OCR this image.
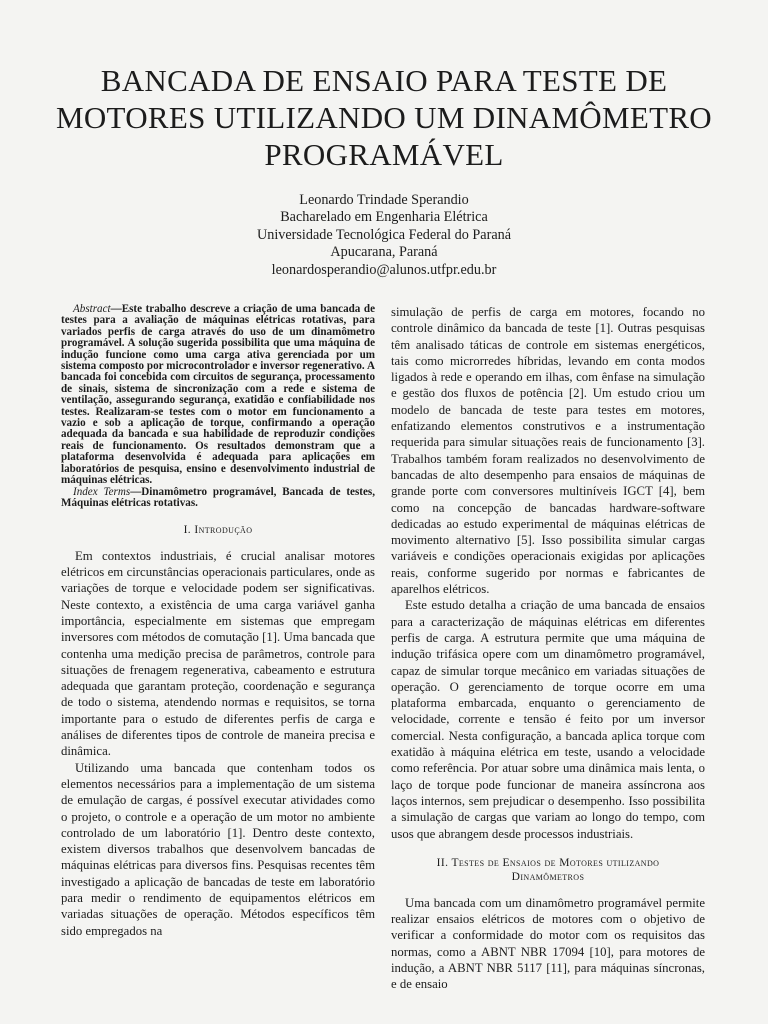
BANCADA DE ENSAIO PARA TESTE DE
MOTORES UTILIZANDO UM DINAMÔMETRO
PROGRAMÁVEL
Leonardo Trindade Sperandio
Bacharelado em Engenharia Elétrica
Universidade Tecnológica Federal do Paraná
Apucarana, Paraná
leonardosperandio@alunos.utfpr.edu.br

Abstract—Este trabalho descreve a criação de uma bancada de testes para a avaliação de máquinas elétricas rotativas, para variados perfis de carga através do uso de um dinamômetro programável. A solução sugerida possibilita que uma máquina de indução funcione como uma carga ativa gerenciada por um sistema composto por microcontrolador e inversor regenerativo. A bancada foi concebida com circuitos de segurança, processamento de sinais, sistema de sincronização com a rede e sistema de ventilação, assegurando segurança, exatidão e confiabilidade nos testes. Realizaram-se testes com o motor em funcionamento a vazio e sob a aplicação de torque, confirmando a operação adequada da bancada e sua habilidade de reproduzir condições reais de funcionamento. Os resultados demonstram que a plataforma desenvolvida é adequada para aplicações em laboratórios de pesquisa, ensino e desenvolvimento industrial de máquinas elétricas.

Index Terms—Dinamômetro programável, Bancada de testes, Máquinas elétricas rotativas.

I. Introdução

Em contextos industriais, é crucial analisar motores elétricos em circunstâncias operacionais particulares, onde as variações de torque e velocidade podem ser significativas. Neste contexto, a existência de uma carga variável ganha importância, especialmente em sistemas que empregam inversores com métodos de comutação [1]. Uma bancada que contenha uma medição precisa de parâmetros, controle para situações de frenagem regenerativa, cabeamento e estrutura adequada que garantam proteção, coordenação e segurança de todo o sistema, atendendo normas e requisitos, se torna importante para o estudo de diferentes perfis de carga e análises de diferentes tipos de controle de maneira precisa e dinâmica.

Utilizando uma bancada que contenham todos os elementos necessários para a implementação de um sistema de emulação de cargas, é possível executar atividades como o projeto, o controle e a operação de um motor no ambiente controlado de um laboratório [1]. Dentro deste contexto, existem diversos trabalhos que desenvolvem bancadas de máquinas elétricas para diversos fins. Pesquisas recentes têm investigado a aplicação de bancadas de teste em laboratório para medir o rendimento de equipamentos elétricos em variadas situações de operação. Métodos específicos têm sido empregados na

simulação de perfis de carga em motores, focando no controle dinâmico da bancada de teste [1]. Outras pesquisas têm analisado táticas de controle em sistemas energéticos, tais como microrredes híbridas, levando em conta modos ligados à rede e operando em ilhas, com ênfase na simulação e gestão dos fluxos de potência [2]. Um estudo criou um modelo de bancada de teste para testes em motores, enfatizando elementos construtivos e a instrumentação requerida para simular situações reais de funcionamento [3]. Trabalhos também foram realizados no desenvolvimento de bancadas de alto desempenho para ensaios de máquinas de grande porte com conversores multiníveis IGCT [4], bem como na concepção de bancadas hardware-software dedicadas ao estudo experimental de máquinas elétricas de movimento alternativo [5]. Isso possibilita simular cargas variáveis e condições operacionais exigidas por aplicações reais, conforme sugerido por normas e fabricantes de aparelhos elétricos.

Este estudo detalha a criação de uma bancada de ensaios para a caracterização de máquinas elétricas em diferentes perfis de carga. A estrutura permite que uma máquina de indução trifásica opere com um dinamômetro programável, capaz de simular torque mecânico em variadas situações de operação. O gerenciamento de torque ocorre em uma plataforma embarcada, enquanto o gerenciamento de velocidade, corrente e tensão é feito por um inversor comercial. Nesta configuração, a bancada aplica torque com exatidão à máquina elétrica em teste, usando a velocidade como referência. Por atuar sobre uma dinâmica mais lenta, o laço de torque pode funcionar de maneira assíncrona aos laços internos, sem prejudicar o desempenho. Isso possibilita a simulação de cargas que variam ao longo do tempo, com usos que abrangem desde processos industriais.

II. Testes de Ensaios de Motores utilizando
Dinamômetros

Uma bancada com um dinamômetro programável permite realizar ensaios elétricos de motores com o objetivo de verificar a conformidade do motor com os requisitos das normas, como a ABNT NBR 17094 [10], para motores de indução, a ABNT NBR 5117 [11], para máquinas síncronas, e de ensaio
